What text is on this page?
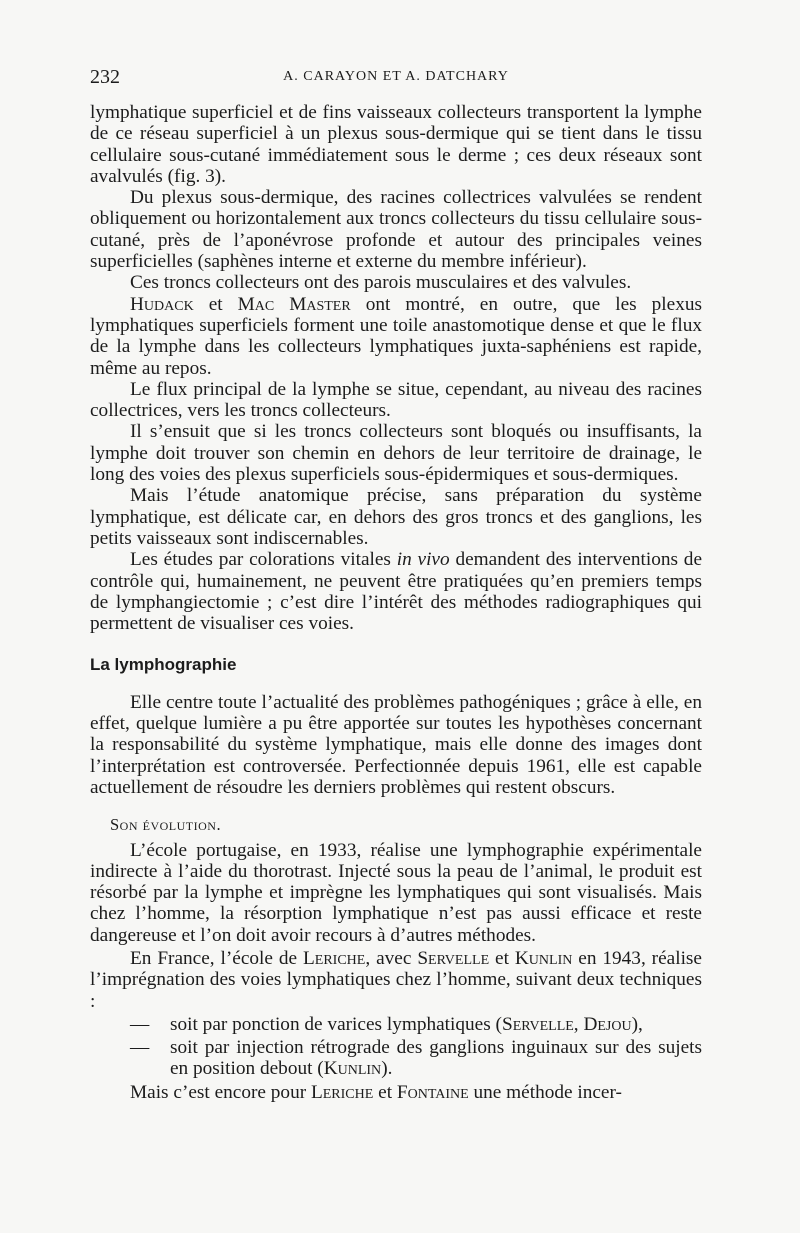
232	A. CARAYON ET A. DATCHARY

lymphatique superficiel et de fins vaisseaux collecteurs transportent la lymphe de ce réseau superficiel à un plexus sous-dermique qui se tient dans le tissu cellulaire sous-cutané immédiatement sous le derme ; ces deux réseaux sont avalvulés (fig. 3).

Du plexus sous-dermique, des racines collectrices valvulées se rendent obliquement ou horizontalement aux troncs collecteurs du tissu cellulaire sous-cutané, près de l’aponévrose profonde et autour des principales veines superficielles (saphènes interne et externe du membre inférieur).

Ces troncs collecteurs ont des parois musculaires et des valvules.

Hudack et Mac Master ont montré, en outre, que les plexus lymphatiques superficiels forment une toile anastomotique dense et que le flux de la lymphe dans les collecteurs lymphatiques juxta-saphéniens est rapide, même au repos.

Le flux principal de la lymphe se situe, cependant, au niveau des racines collectrices, vers les troncs collecteurs.

Il s’ensuit que si les troncs collecteurs sont bloqués ou insuffisants, la lymphe doit trouver son chemin en dehors de leur territoire de drainage, le long des voies des plexus superficiels sous-épidermiques et sous-dermiques.

Mais l’étude anatomique précise, sans préparation du système lymphatique, est délicate car, en dehors des gros troncs et des ganglions, les petits vaisseaux sont indiscernables.

Les études par colorations vitales in vivo demandent des interventions de contrôle qui, humainement, ne peuvent être pratiquées qu’en premiers temps de lymphangiectomie ; c’est dire l’intérêt des méthodes radiographiques qui permettent de visualiser ces voies.

La lymphographie

Elle centre toute l’actualité des problèmes pathogéniques ; grâce à elle, en effet, quelque lumière a pu être apportée sur toutes les hypothèses concernant la responsabilité du système lymphatique, mais elle donne des images dont l’interprétation est controversée. Perfectionnée depuis 1961, elle est capable actuellement de résoudre les derniers problèmes qui restent obscurs.

Son évolution.

L’école portugaise, en 1933, réalise une lymphographie expérimentale indirecte à l’aide du thorotrast. Injecté sous la peau de l’animal, le produit est résorbé par la lymphe et imprègne les lymphatiques qui sont visualisés. Mais chez l’homme, la résorption lymphatique n’est pas aussi efficace et reste dangereuse et l’on doit avoir recours à d’autres méthodes.

En France, l’école de Leriche, avec Servelle et Kunlin en 1943, réalise l’imprégnation des voies lymphatiques chez l’homme, suivant deux techniques :

— soit par ponction de varices lymphatiques (Servelle, Dejou),
— soit par injection rétrograde des ganglions inguinaux sur des sujets en position debout (Kunlin).

Mais c’est encore pour Leriche et Fontaine une méthode incer-
